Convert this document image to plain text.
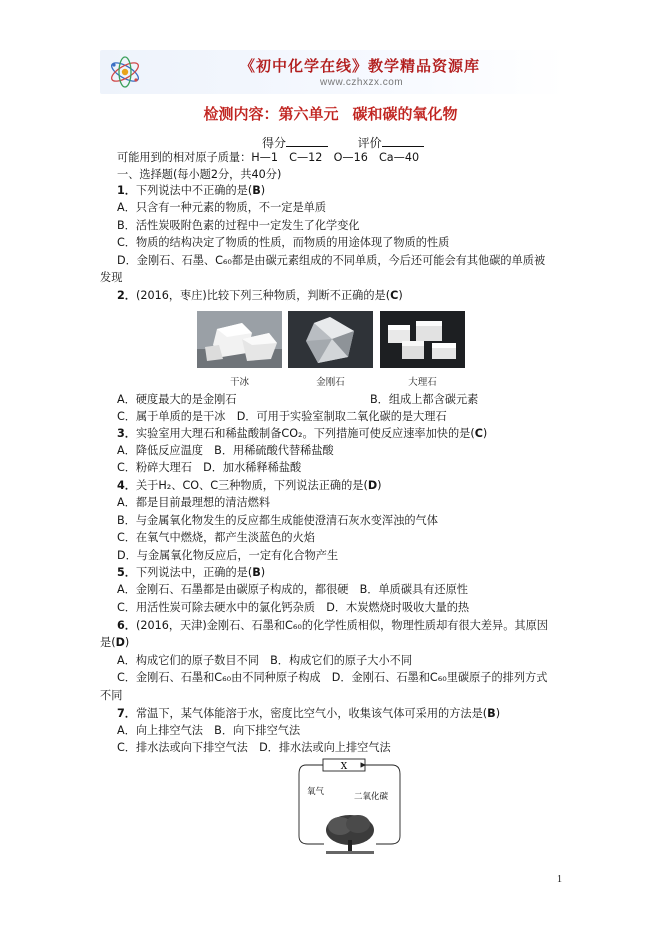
《初中化学在线》教学精品资源库
www.czhxzx.com
检测内容：第六单元 碳和碳的氧化物
得分	评价
可能用到的相对原子质量：H—1　C—12　O—16　Ca—40
一、选择题(每小题2分，共40分)
1．下列说法中不正确的是(B)
A．只含有一种元素的物质，不一定是单质
B．活性炭吸附色素的过程中一定发生了化学变化
C．物质的结构决定了物质的性质，而物质的用途体现了物质的性质
D．金刚石、石墨、C₆₀都是由碳元素组成的不同单质，今后还可能会有其他碳的单质被
发现
2．(2016，枣庄)比较下列三种物质，判断不正确的是(C)
干冰	金刚石	大理石
A．硬度最大的是金刚石	B．组成上都含碳元素
C．属于单质的是干冰  D．可用于实验室制取二氧化碳的是大理石
3．实验室用大理石和稀盐酸制备CO₂。下列措施可使反应速率加快的是(C)
A．降低反应温度  B．用稀硫酸代替稀盐酸
C．粉碎大理石  D．加水稀释稀盐酸
4．关于H₂、CO、C三种物质，下列说法正确的是(D)
A．都是目前最理想的清洁燃料
B．与金属氧化物发生的反应都生成能使澄清石灰水变浑浊的气体
C．在氧气中燃烧，都产生淡蓝色的火焰
D．与金属氧化物反应后，一定有化合物产生
5．下列说法中，正确的是(B)
A．金刚石、石墨都是由碳原子构成的，都很硬  B．单质碳具有还原性
C．用活性炭可除去硬水中的氯化钙杂质  D．木炭燃烧时吸收大量的热
6．(2016，天津)金刚石、石墨和C₆₀的化学性质相似，物理性质却有很大差异。其原因
是(D)
A．构成它们的原子数目不同  B．构成它们的原子大小不同
C．金刚石、石墨和C₆₀由不同种原子构成  D．金刚石、石墨和C₆₀里碳原子的排列方式
不同
7．常温下，某气体能溶于水，密度比空气小，收集该气体可采用的方法是(B)
A．向上排空气法  B．向下排空气法
C．排水法或向下排空气法  D．排水法或向上排空气法
X
氧气	二氧化碳
1
